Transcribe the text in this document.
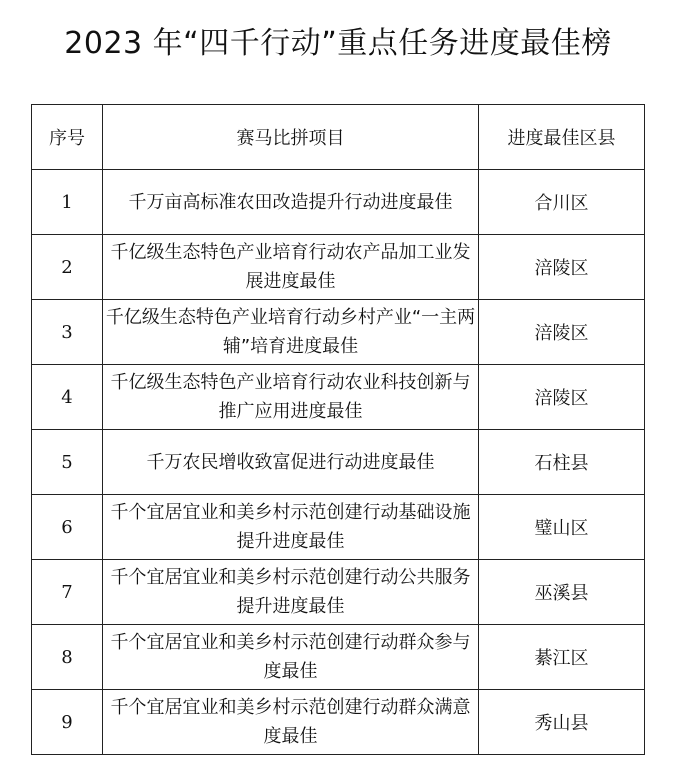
2023 年“四千行动”重点任务进度最佳榜
序号	赛马比拼项目	进度最佳区县
1	千万亩高标准农田改造提升行动进度最佳	合川区
2	千亿级生态特色产业培育行动农产品加工业发展进度最佳	涪陵区
3	千亿级生态特色产业培育行动乡村产业“一主两辅”培育进度最佳	涪陵区
4	千亿级生态特色产业培育行动农业科技创新与推广应用进度最佳	涪陵区
5	千万农民增收致富促进行动进度最佳	石柱县
6	千个宜居宜业和美乡村示范创建行动基础设施提升进度最佳	璧山区
7	千个宜居宜业和美乡村示范创建行动公共服务提升进度最佳	巫溪县
8	千个宜居宜业和美乡村示范创建行动群众参与度最佳	綦江区
9	千个宜居宜业和美乡村示范创建行动群众满意度最佳	秀山县
